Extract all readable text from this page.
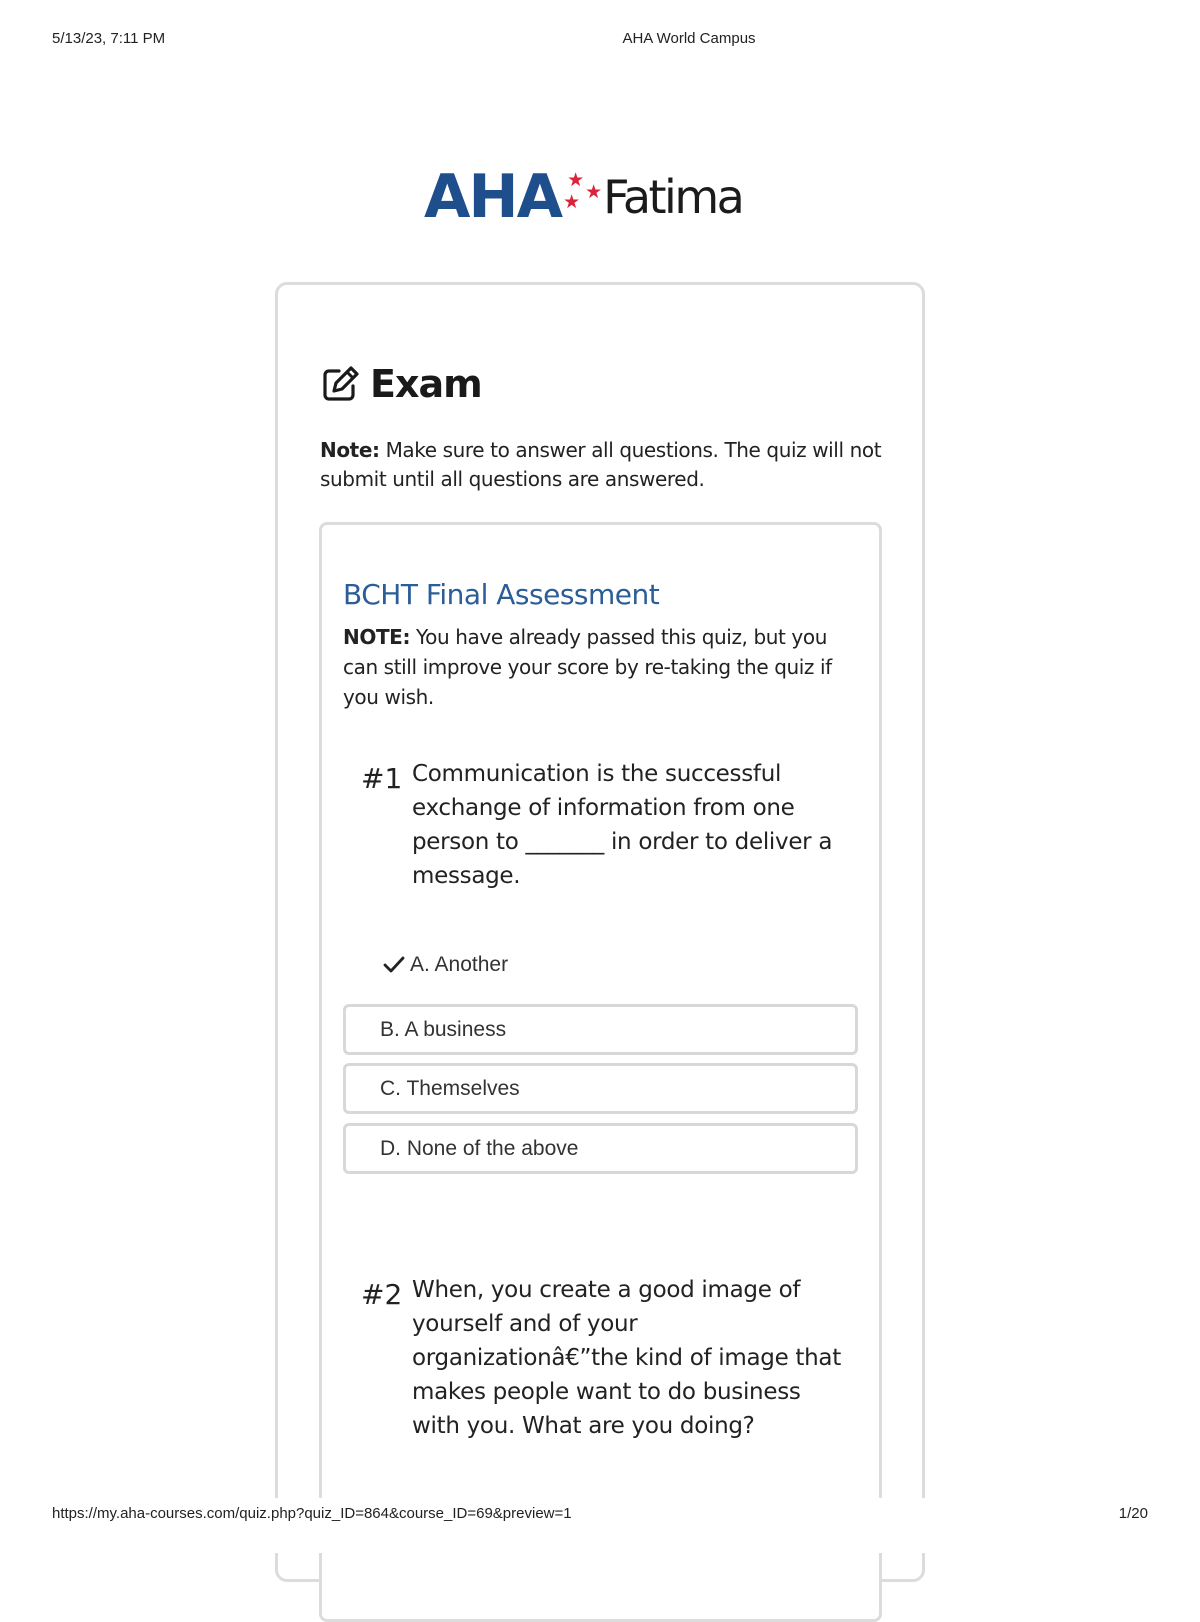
5/13/23, 7:11 PM	AHA World Campus
AHA ★
★ ★ Fatima
Exam
Note: Make sure to answer all questions. The quiz will not submit until all questions are answered.
BCHT Final Assessment
NOTE: You have already passed this quiz, but you can still improve your score by re-taking the quiz if you wish.
#1 Communication is the successful exchange of information from one person to _______ in order to deliver a message.
A. Another
B. A business
C. Themselves
D. None of the above
#2 When, you create a good image of yourself and of your organizationâ€”the kind of image that makes people want to do business with you. What are you doing?
https://my.aha-courses.com/quiz.php?quiz_ID=864&course_ID=69&preview=1	1/20
